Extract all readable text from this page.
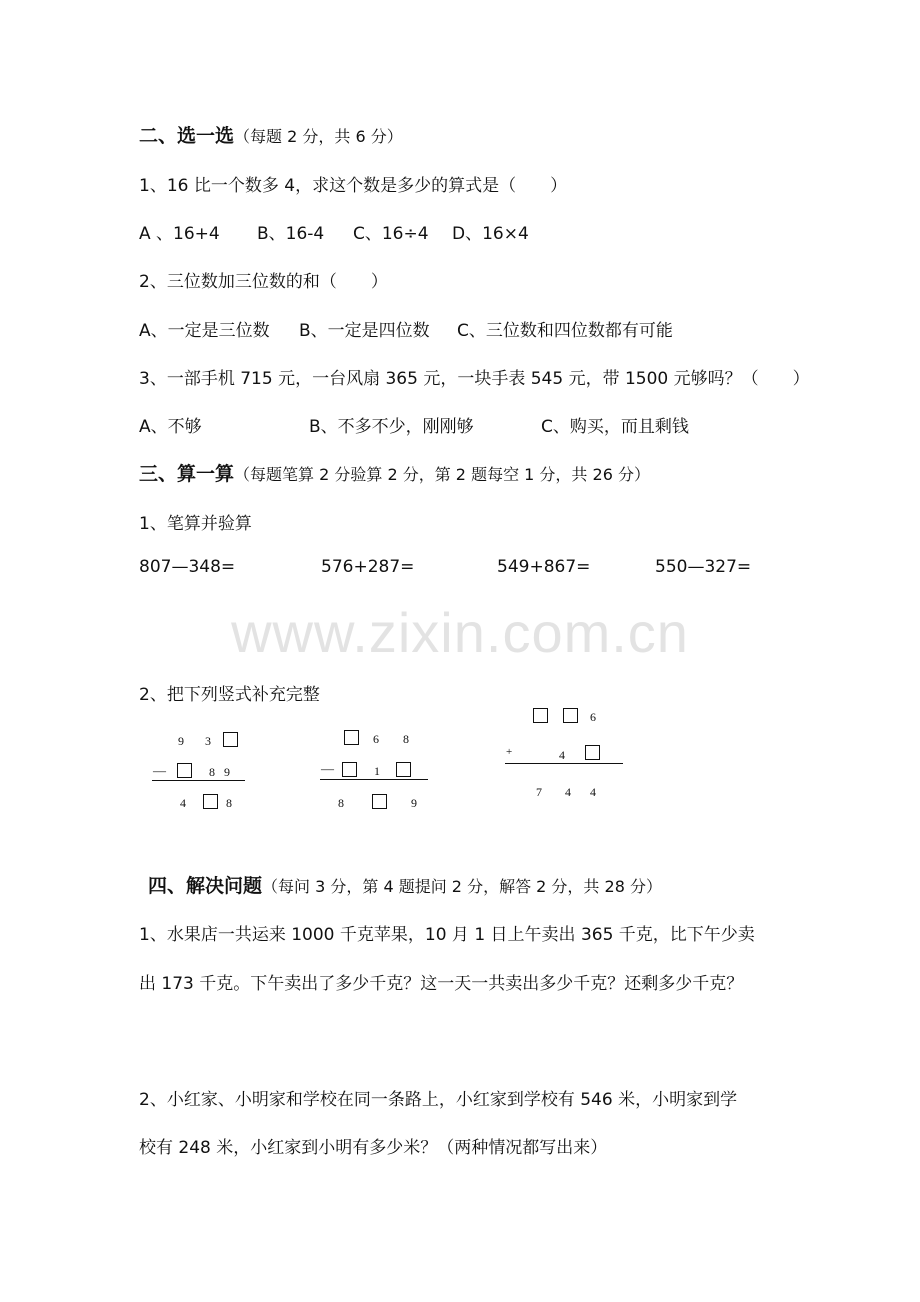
www.zixin.com.cn
二、选一选（每题 2 分，共 6 分）
1、16 比一个数多 4，求这个数是多少的算式是（　　）
A 、16+4 B、16-4 C、16÷4 D、16×4
2、三位数加三位数的和（　　）
A、一定是三位数 B、一定是四位数 C、三位数和四位数都有可能
3、一部手机 715 元，一台风扇 365 元，一块手表 545 元，带 1500 元够吗？（　　）
A、不够	B、不多不少，刚刚够	C、购买，而且剩钱
三、算一算（每题笔算 2 分验算 2 分，第 2 题每空 1 分，共 26 分）
1、笔算并验算
807—348=	576+287=	549+867=	550—327=
2、把下列竖式补充完整
9 3
—	8 9
4	8
6 8
—	1
8	9
6
+	4
7 4 4
四、解决问题（每问 3 分，第 4 题提问 2 分，解答 2 分，共 28 分）
1、水果店一共运来 1000 千克苹果，10 月 1 日上午卖出 365 千克，比下午少卖
出 173 千克。下午卖出了多少千克？这一天一共卖出多少千克？还剩多少千克？
2、小红家、小明家和学校在同一条路上，小红家到学校有 546 米，小明家到学
校有 248 米，小红家到小明有多少米？（两种情况都写出来）
